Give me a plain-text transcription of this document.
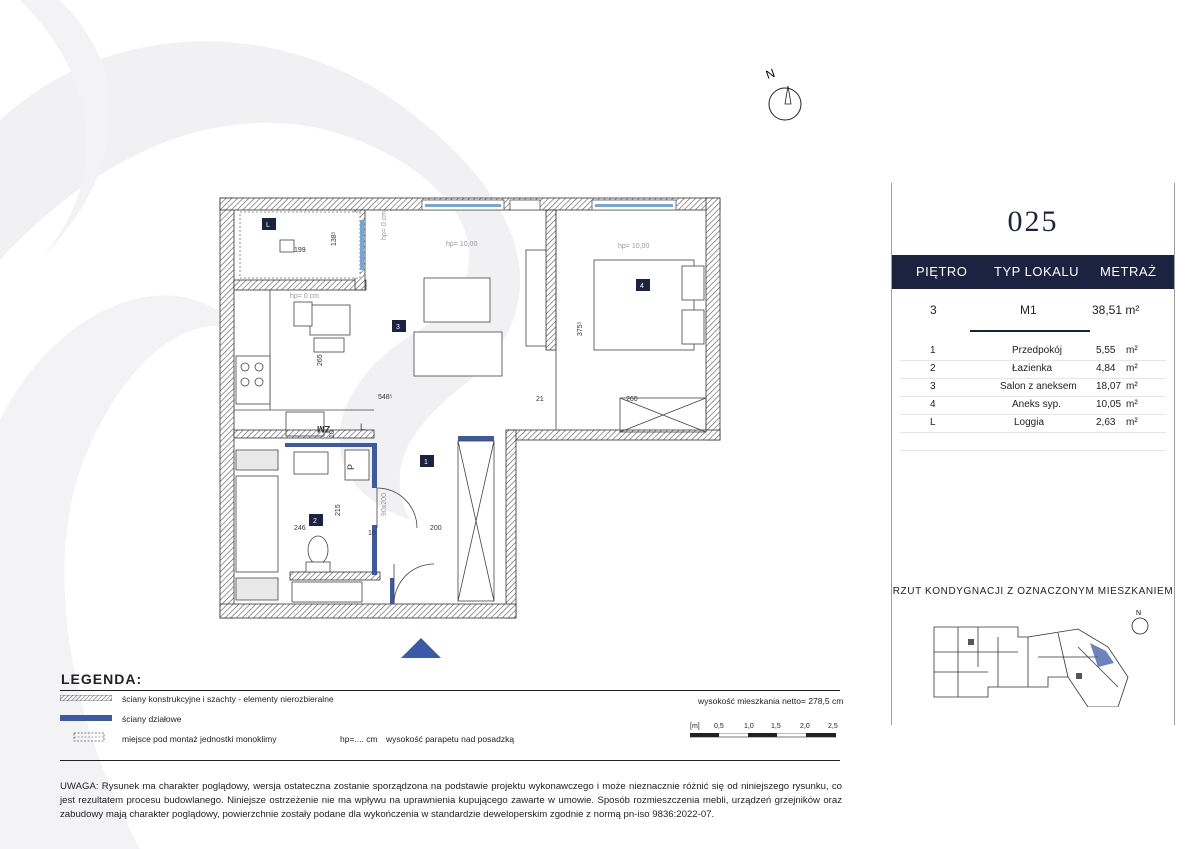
N
L
3
4
1
2
199
138⁵	hp= 0 cm
hp= 10,00	hp= 10,00
hp= 0 cm
265
548⁵	21	260
375⁵
10
10
246
215
200
90x200
ZM	L
P
025
PIĘTRO TYP LOKALU METRAŻ
3	M1	38,51 m²
1	Przedpokój	5,55 m²
2	Łazienka	4,84 m²
3	Salon z aneksem 18,07 m²
4	Aneks syp.	10,05 m²
L	Loggia	2,63 m²
RZUT KONDYGNACJI Z OZNACZONYM MIESZKANIEM
N
LEGENDA:
ściany konstrukcyjne i szachty - elementy nierozbieralne
ściany działowe
miejsce pod montaż jednostki monoklimy	hp=.... cm wysokość parapetu nad posadzką
wysokość mieszkania netto= 278,5 cm
[m] 0,5	1,0 1,5	2,0	2,5
UWAGA: Rysunek ma charakter poglądowy, wersja ostateczna zostanie sporządzona na podstawie projektu wykonawczego i może nieznacznie różnić się od niniejszego rysunku, co jest rezultatem procesu budowlanego. Niniejsze ostrzeżenie nie ma wpływu na uprawnienia kupującego zawarte w umowie. Sposób rozmieszczenia mebli, urządzeń grzejników oraz zabudowy mają charakter poglądowy, powierzchnie zostały podane dla wykończenia w standardzie deweloperskim zgodnie z normą pn-iso 9836:2022-07.
